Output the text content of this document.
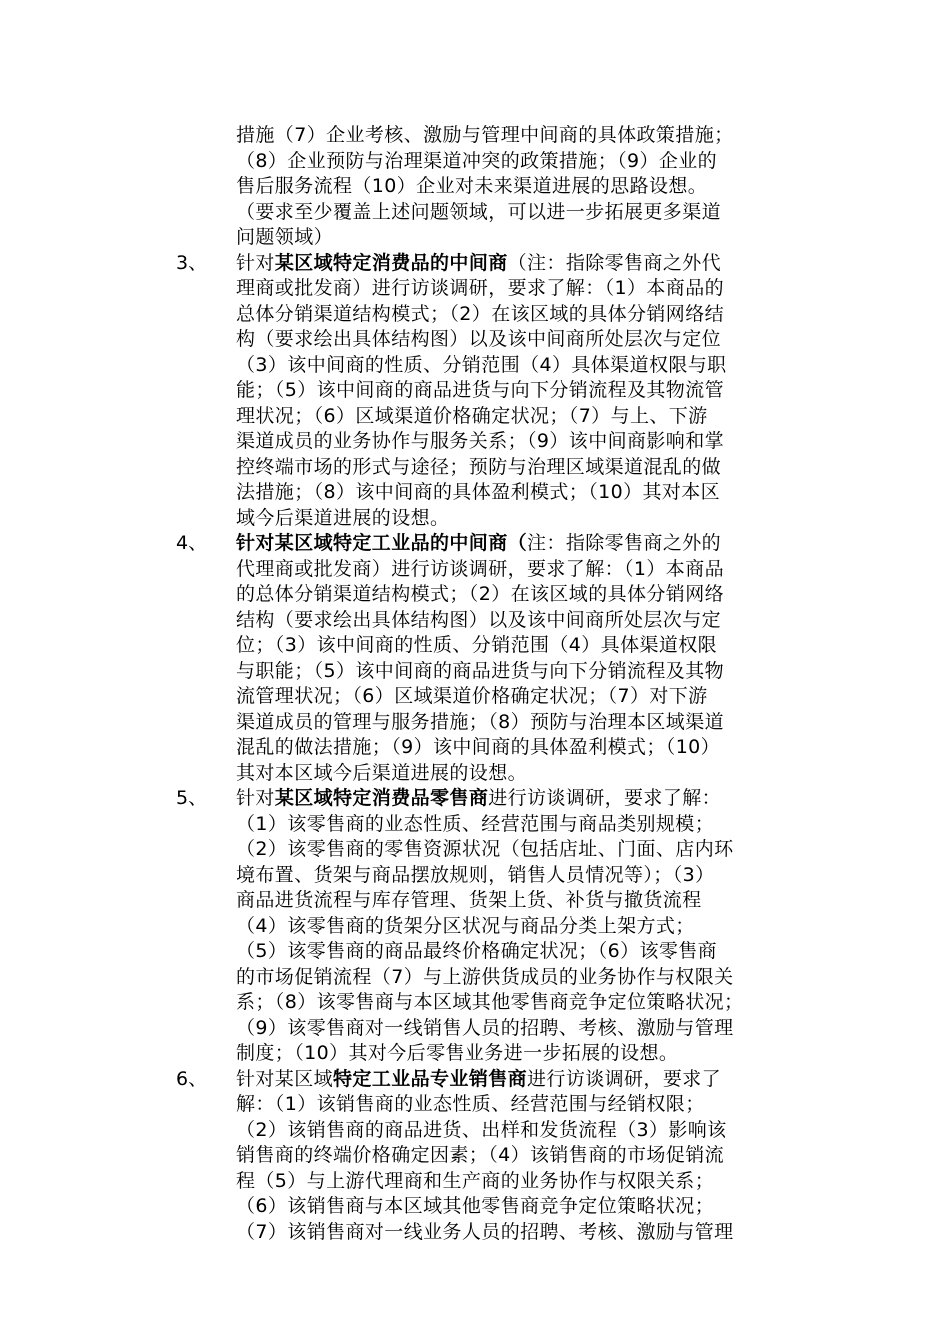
措施（7）企业考核、激励与管理中间商的具体政策措施；
（8）企业预防与治理渠道冲突的政策措施；（9）企业的
售后服务流程（10）企业对未来渠道进展的思路设想。
（要求至少覆盖上述问题领域，可以进一步拓展更多渠道
问题领域）
3、	针对某区域特定消费品的中间商（注：指除零售商之外代
理商或批发商）进行访谈调研，要求了解：（1）本商品的
总体分销渠道结构模式；（2）在该区域的具体分销网络结
构（要求绘出具体结构图）以及该中间商所处层次与定位
（3）该中间商的性质、分销范围（4）具体渠道权限与职
能；（5）该中间商的商品进货与向下分销流程及其物流管
理状况；（6）区域渠道价格确定状况；（7）与上、下游
渠道成员的业务协作与服务关系；（9）该中间商影响和掌
控终端市场的形式与途径；预防与治理区域渠道混乱的做
法措施；（8）该中间商的具体盈利模式；（10）其对本区
域今后渠道进展的设想。
4、	针对某区域特定工业品的中间商（注：指除零售商之外的
代理商或批发商）进行访谈调研，要求了解：（1）本商品
的总体分销渠道结构模式；（2）在该区域的具体分销网络
结构（要求绘出具体结构图）以及该中间商所处层次与定
位；（3）该中间商的性质、分销范围（4）具体渠道权限
与职能；（5）该中间商的商品进货与向下分销流程及其物
流管理状况；（6）区域渠道价格确定状况；（7）对下游
渠道成员的管理与服务措施；（8）预防与治理本区域渠道
混乱的做法措施；（9）该中间商的具体盈利模式；（10）
其对本区域今后渠道进展的设想。
5、	针对某区域特定消费品零售商进行访谈调研，要求了解：
（1）该零售商的业态性质、经营范围与商品类别规模；
（2）该零售商的零售资源状况（包括店址、门面、店内环
境布置、货架与商品摆放规则，销售人员情况等）；（3）
商品进货流程与库存管理、货架上货、补货与撤货流程
（4）该零售商的货架分区状况与商品分类上架方式；
（5）该零售商的商品最终价格确定状况；（6）该零售商
的市场促销流程（7）与上游供货成员的业务协作与权限关
系；（8）该零售商与本区域其他零售商竞争定位策略状况；
（9）该零售商对一线销售人员的招聘、考核、激励与管理
制度；（10）其对今后零售业务进一步拓展的设想。
6、	针对某区域特定工业品专业销售商进行访谈调研，要求了
解：（1）该销售商的业态性质、经营范围与经销权限；
（2）该销售商的商品进货、出样和发货流程（3）影响该
销售商的终端价格确定因素；（4）该销售商的市场促销流
程（5）与上游代理商和生产商的业务协作与权限关系；
（6）该销售商与本区域其他零售商竞争定位策略状况；
（7）该销售商对一线业务人员的招聘、考核、激励与管理
